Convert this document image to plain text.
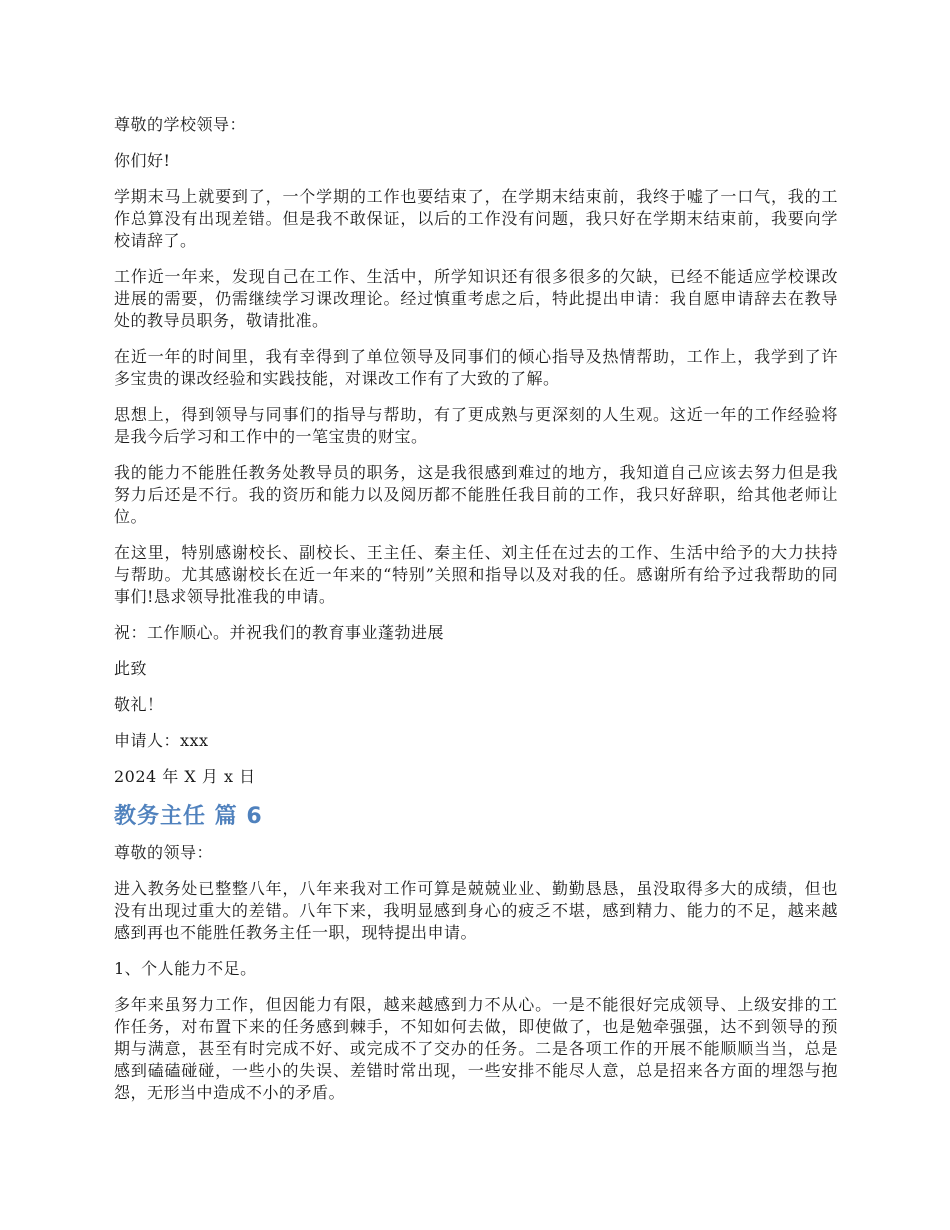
尊敬的学校领导：

你们好!

学期末马上就要到了，一个学期的工作也要结束了，在学期末结束前，我终于嘘了一口气，我的工作总算没有出现差错。但是我不敢保证，以后的工作没有问题，我只好在学期末结束前，我要向学校请辞了。

工作近一年来，发现自己在工作、生活中，所学知识还有很多很多的欠缺，已经不能适应学校课改进展的需要，仍需继续学习课改理论。经过慎重考虑之后，特此提出申请：我自愿申请辞去在教导处的教导员职务，敬请批准。

在近一年的时间里，我有幸得到了单位领导及同事们的倾心指导及热情帮助，工作上，我学到了许多宝贵的课改经验和实践技能，对课改工作有了大致的了解。

思想上，得到领导与同事们的指导与帮助，有了更成熟与更深刻的人生观。这近一年的工作经验将是我今后学习和工作中的一笔宝贵的财宝。

我的能力不能胜任教务处教导员的职务，这是我很感到难过的地方，我知道自己应该去努力但是我努力后还是不行。我的资历和能力以及阅历都不能胜任我目前的工作，我只好辞职，给其他老师让位。

在这里，特别感谢校长、副校长、王主任、秦主任、刘主任在过去的工作、生活中给予的大力扶持与帮助。尤其感谢校长在近一年来的“特别”关照和指导以及对我的任。感谢所有给予过我帮助的同事们!恳求领导批准我的申请。

祝：工作顺心。并祝我们的教育事业蓬勃进展

此致

敬礼！

申请人：xxx

2024 年 X 月 x 日

教务主任 篇 6

尊敬的领导：

进入教务处已整整八年，八年来我对工作可算是兢兢业业、勤勤恳恳，虽没取得多大的成绩，但也没有出现过重大的差错。八年下来，我明显感到身心的疲乏不堪，感到精力、能力的不足，越来越感到再也不能胜任教务主任一职，现特提出申请。

1、个人能力不足。

多年来虽努力工作，但因能力有限，越来越感到力不从心。一是不能很好完成领导、上级安排的工作任务，对布置下来的任务感到棘手，不知如何去做，即使做了，也是勉牵强强，达不到领导的预期与满意，甚至有时完成不好、或完成不了交办的任务。二是各项工作的开展不能顺顺当当，总是感到磕磕碰碰，一些小的失误、差错时常出现，一些安排不能尽人意，总是招来各方面的埋怨与抱怨，无形当中造成不小的矛盾。
